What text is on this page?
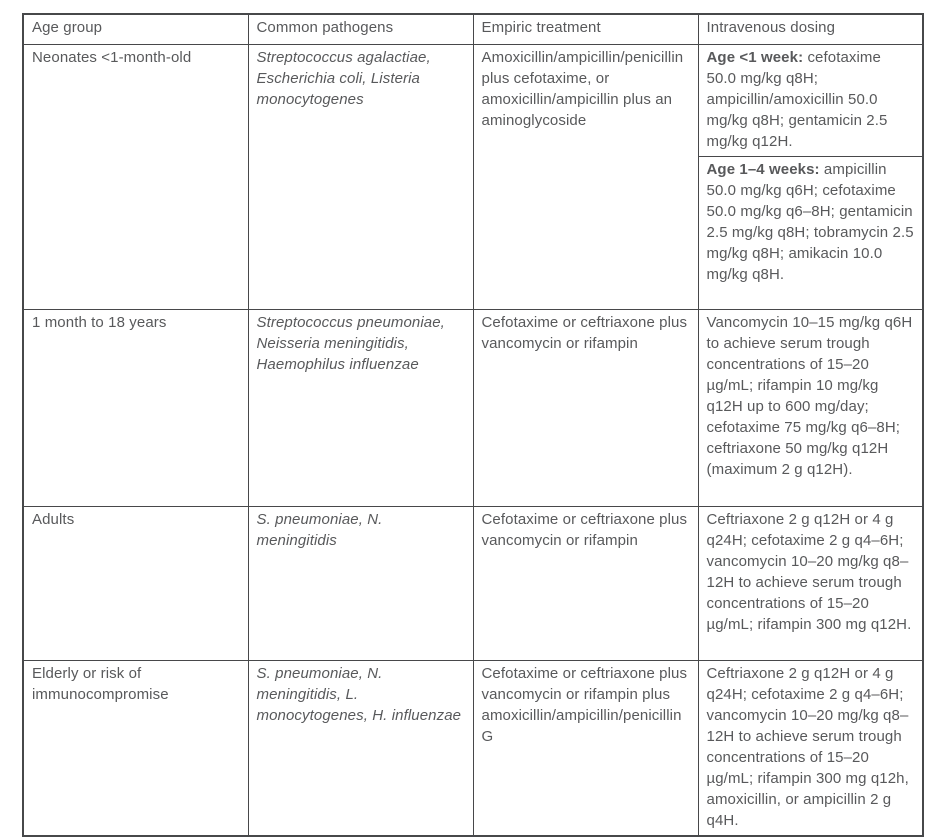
Age group	Common pathogens	Empiric treatment	Intravenous dosing
Neonates <1-month-old	Streptococcus agalactiae, Escherichia coli, Listeria monocytogenes	Amoxicillin/ampicillin/penicillin plus cefotaxime, or amoxicillin/ampicillin plus an aminoglycoside	Age <1 week: cefotaxime 50.0 mg/kg q8H; ampicillin/amoxicillin 50.0 mg/kg q8H; gentamicin 2.5 mg/kg q12H.
			Age 1–4 weeks: ampicillin 50.0 mg/kg q6H; cefotaxime 50.0 mg/kg q6–8H; gentamicin 2.5 mg/kg q8H; tobramycin 2.5 mg/kg q8H; amikacin 10.0 mg/kg q8H.
1 month to 18 years	Streptococcus pneumoniae, Neisseria meningitidis, Haemophilus influenzae	Cefotaxime or ceftriaxone plus vancomycin or rifampin	Vancomycin 10–15 mg/kg q6H to achieve serum trough concentrations of 15–20 µg/mL; rifampin 10 mg/kg q12H up to 600 mg/day; cefotaxime 75 mg/kg q6–8H; ceftriaxone 50 mg/kg q12H (maximum 2 g q12H).
Adults	S. pneumoniae, N. meningitidis	Cefotaxime or ceftriaxone plus vancomycin or rifampin	Ceftriaxone 2 g q12H or 4 g q24H; cefotaxime 2 g q4–6H; vancomycin 10–20 mg/kg q8–12H to achieve serum trough concentrations of 15–20 µg/mL; rifampin 300 mg q12H.
Elderly or risk of immunocompromise	S. pneumoniae, N. meningitidis, L. monocytogenes, H. influenzae	Cefotaxime or ceftriaxone plus vancomycin or rifampin plus amoxicillin/ampicillin/penicillin G	Ceftriaxone 2 g q12H or 4 g q24H; cefotaxime 2 g q4–6H; vancomycin 10–20 mg/kg q8–12H to achieve serum trough concentrations of 15–20 µg/mL; rifampin 300 mg q12h, amoxicillin, or ampicillin 2 g q4H.
